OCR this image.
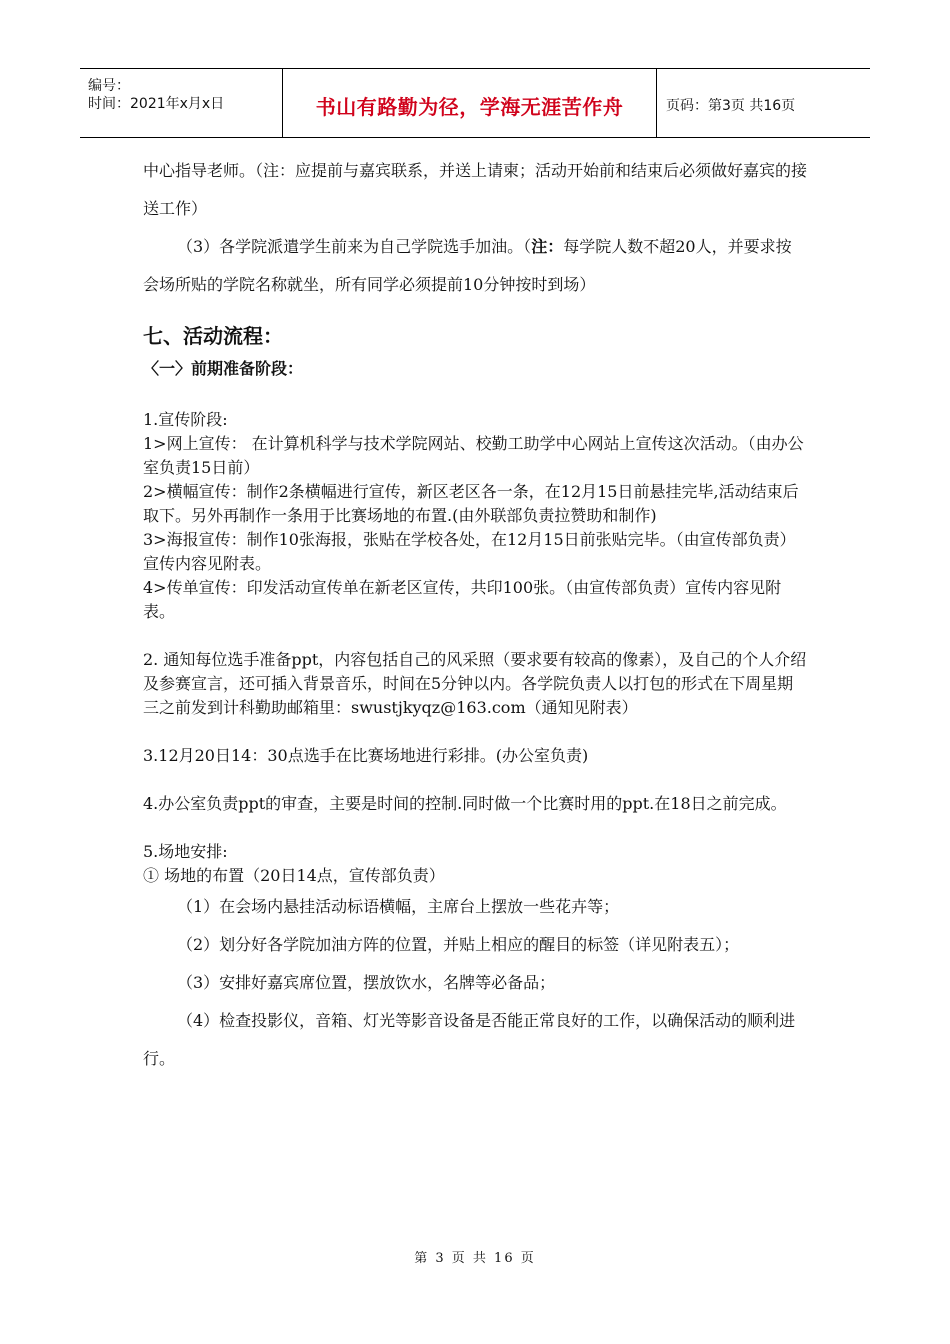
编号：
时间：2021年x月x日	书山有路勤为径，学海无涯苦作舟	页码：第3页 共16页

中心指导老师。（注：应提前与嘉宾联系，并送上请柬；活动开始前和结束后必须做好嘉宾的接送工作）

（3）各学院派遣学生前来为自己学院选手加油。（注：每学院人数不超20人，并要求按会场所贴的学院名称就坐，所有同学必须提前10分钟按时到场）

七、活动流程：
〈一〉前期准备阶段：

1.宣传阶段:

1>网上宣传： 在计算机科学与技术学院网站、校勤工助学中心网站上宣传这次活动。（由办公室负责15日前）

2>横幅宣传：制作2条横幅进行宣传，新区老区各一条，在12月15日前悬挂完毕,活动结束后取下。另外再制作一条用于比赛场地的布置.(由外联部负责拉赞助和制作)

3>海报宣传：制作10张海报，张贴在学校各处，在12月15日前张贴完毕。（由宣传部负责） 宣传内容见附表。

4>传单宣传：印发活动宣传单在新老区宣传，共印100张。（由宣传部负责）宣传内容见附表。

2. 通知每位选手准备ppt，内容包括自己的风采照（要求要有较高的像素），及自己的个人介绍及参赛宣言，还可插入背景音乐，时间在5分钟以内。各学院负责人以打包的形式在下周星期三之前发到计科勤助邮箱里：swustjkyqz@163.com（通知见附表）

3.12月20日14：30点选手在比赛场地进行彩排。(办公室负责)

4.办公室负责ppt的审查，主要是时间的控制.同时做一个比赛时用的ppt.在18日之前完成。

5.场地安排:

① 场地的布置（20日14点，宣传部负责）

（1）在会场内悬挂活动标语横幅，主席台上摆放一些花卉等；

（2）划分好各学院加油方阵的位置，并贴上相应的醒目的标签（详见附表五）；

（3）安排好嘉宾席位置，摆放饮水，名牌等必备品；

（4）检查投影仪，音箱、灯光等影音设备是否能正常良好的工作，以确保活动的顺利进行。

第 3 页 共 16 页
